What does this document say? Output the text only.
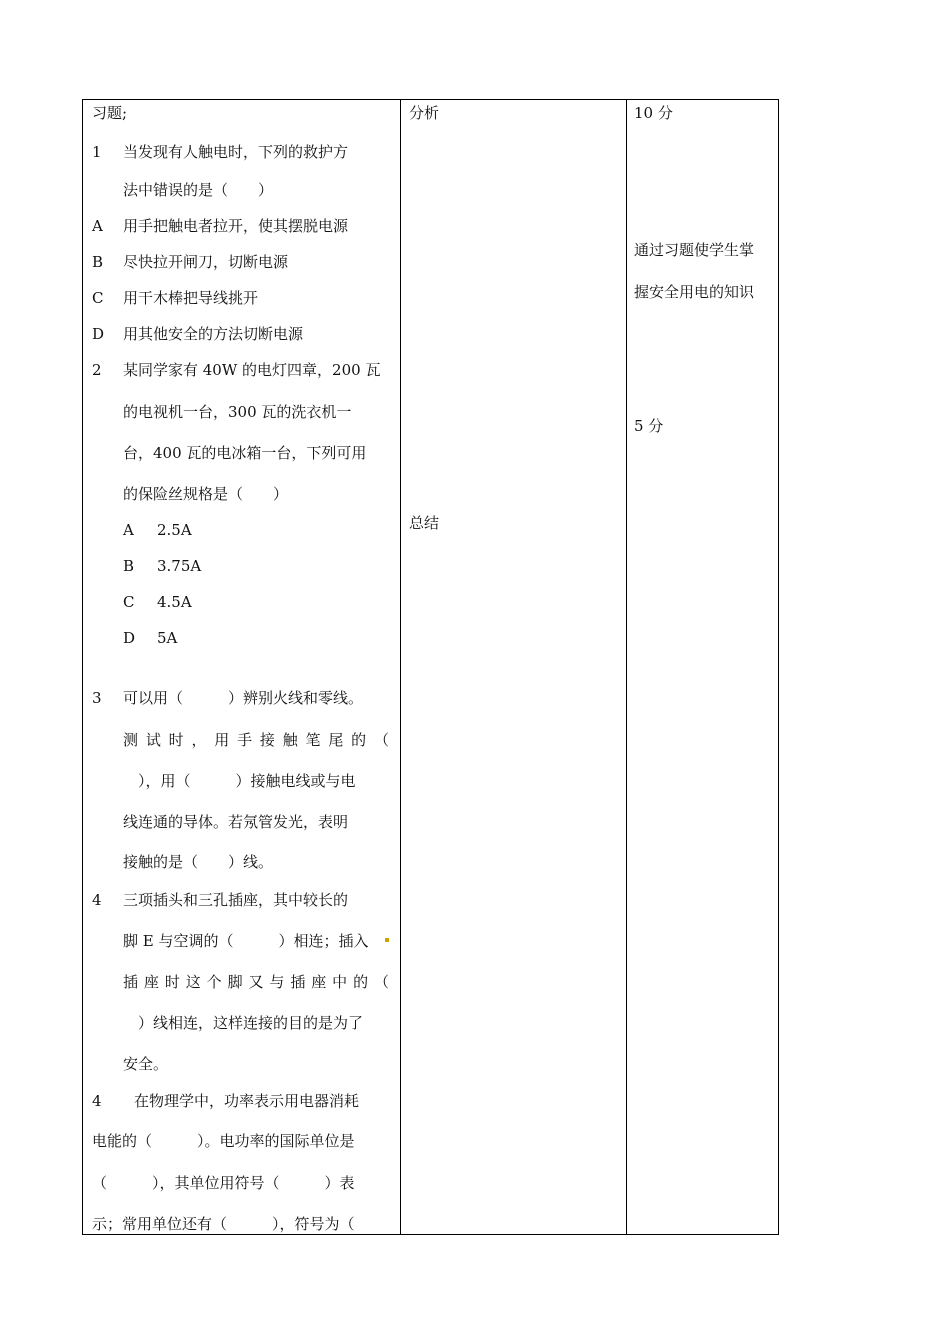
习题;
1 当发现有人触电时，下列的救护方
法中错误的是（　　）
A 用手把触电者拉开，使其摆脱电源
B 尽快拉开闸刀，切断电源
C 用干木棒把导线挑开
D 用其他安全的方法切断电源
2 某同学家有 40W 的电灯四章，200 瓦
的电视机一台，300 瓦的洗衣机一
台，400 瓦的电冰箱一台，下列可用
的保险丝规格是（　　）
A 2.5A
B 3.75A
C 4.5A
D 5A
3 可以用（　　　）辨别火线和零线。
测试时，用手接触笔尾的（
　），用（　　　）接触电线或与电
线连通的导体。若氖管发光，表明
接触的是（　　）线。
4 三项插头和三孔插座，其中较长的
脚 E 与空调的（　　　）相连；插入
插座时这个脚又与插座中的（
　）线相连，这样连接的目的是为了
安全。
4 在物理学中，功率表示用电器消耗
电能的（　　　）。电功率的国际单位是
（　　　），其单位用符号（　　　）表
示；常用单位还有（　　　），符号为（
分析
总结
10 分
通过习题使学生掌
握安全用电的知识
5 分
